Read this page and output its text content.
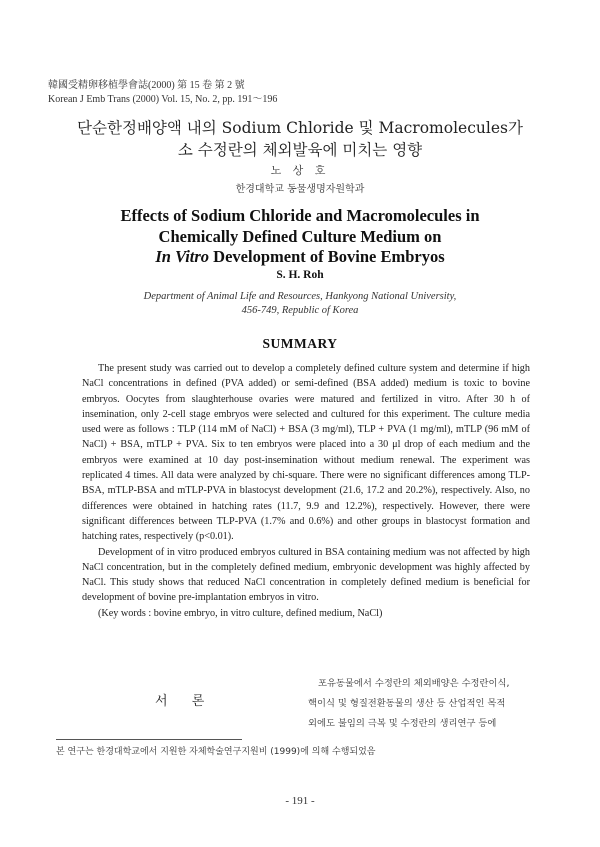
韓國受精卵移植學會誌(2000) 第 15 卷 第 2 號
Korean J Emb Trans (2000) Vol. 15, No. 2, pp. 191～196
단순한정배양액 내의 Sodium Chloride 및 Macromolecules가
소 수정란의 체외발육에 미치는 영향
노 상 호
한경대학교 동물생명자원학과
Effects of Sodium Chloride and Macromolecules in
Chemically Defined Culture Medium on
In Vitro Development of Bovine Embryos
S. H. Roh
Department of Animal Life and Resources, Hankyong National University,
456-749, Republic of Korea
SUMMARY

The present study was carried out to develop a completely defined culture system and determine if high NaCl concentrations in defined (PVA added) or semi-defined (BSA added) medium is toxic to bovine embryos. Oocytes from slaughterhouse ovaries were matured and fertilized in vitro. After 30 h of insemination, only 2-cell stage embryos were selected and cultured for this experiment. The culture media used were as follows : TLP (114 mM of NaCl) + BSA (3 mg/ml), TLP + PVA (1 mg/ml), mTLP (96 mM of NaCl) + BSA, mTLP + PVA. Six to ten embryos were placed into a 30 μl drop of each medium and the embryos were examined at 10 day post-insemination without medium renewal. The experiment was replicated 4 times. All data were analyzed by chi-square. There were no significant differences among TLP-BSA, mTLP-BSA and mTLP-PVA in blastocyst development (21.6, 17.2 and 20.2%), respectively. Also, no differences were obtained in hatching rates (11.7, 9.9 and 12.2%), respectively. However, there were significant differences between TLP-PVA (1.7% and 0.6%) and other groups in blastocyst formation and hatching rates, respectively (p<0.01).

Development of in vitro produced embryos cultured in BSA containing medium was not affected by high NaCl concentration, but in the completely defined medium, embryonic development was highly affected by NaCl. This study shows that reduced NaCl concentration in completely defined medium is beneficial for development of bovine pre-implantation embryos in vitro.

(Key words : bovine embryo, in vitro culture, defined medium, NaCl)

서 론
포유동물에서 수정란의 체외배양은 수정란이식,
핵이식 및 형질전환동물의 생산 등 산업적인 목적
외에도 불임의 극복 및 수정란의 생리연구 등에
본 연구는 한경대학교에서 지원한 자체학술연구지원비 (1999)에 의해 수행되었음
- 191 -
